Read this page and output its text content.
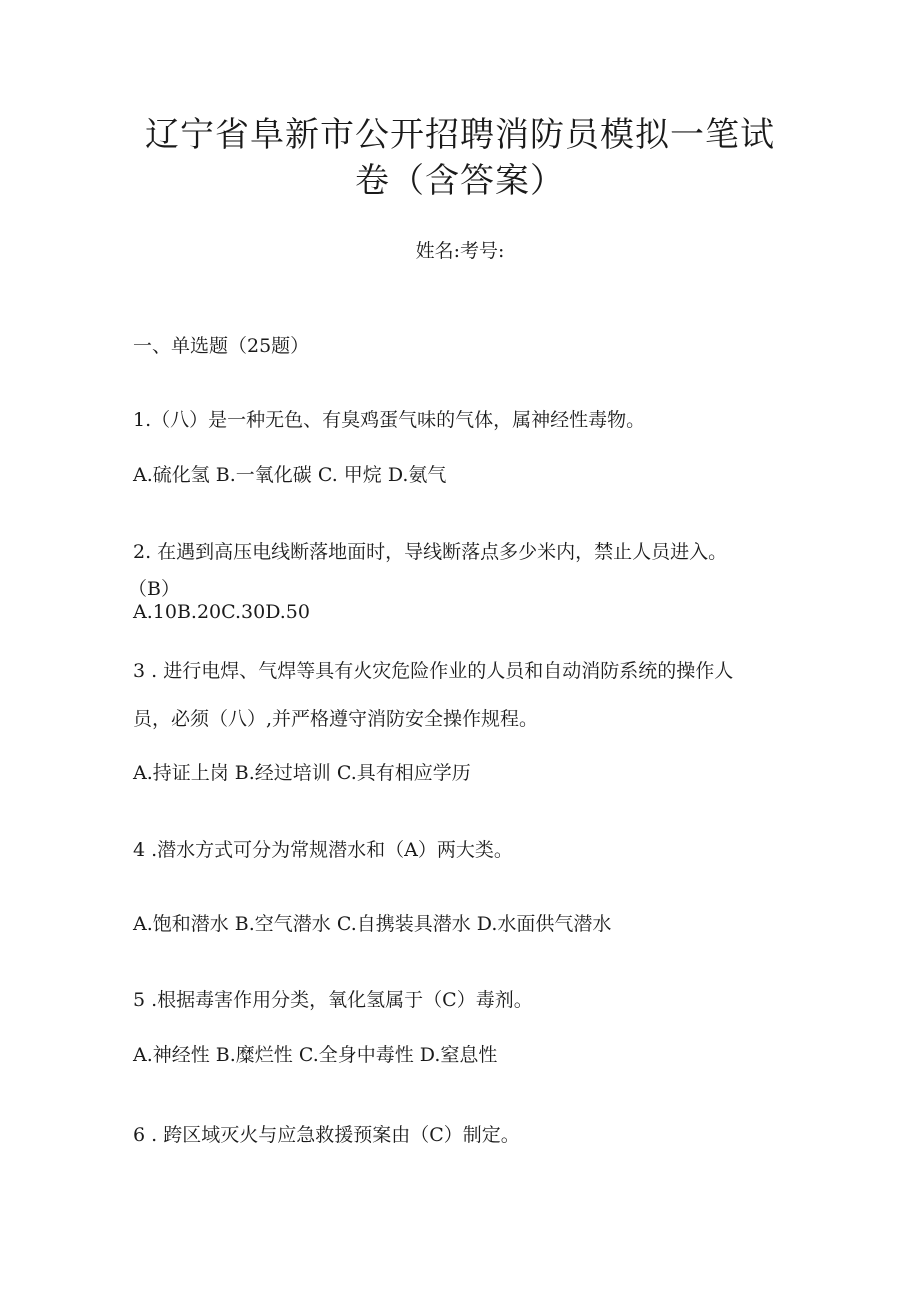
辽宁省阜新市公开招聘消防员模拟一笔试
卷（含答案）
姓名:考号:
一、单选题（25题）
1.（八）是一种无色、有臭鸡蛋气味的气体，属神经性毒物。
A.硫化氢 B.一氧化碳 C. 甲烷 D.氨气
2. 在遇到高压电线断落地面时，导线断落点多少米内，禁止人员进入。
（B）
A.10B.20C.30D.50
3 . 进行电焊、气焊等具有火灾危险作业的人员和自动消防系统的操作人
员，必须（八）,并严格遵守消防安全操作规程。
A.持证上岗 B.经过培训 C.具有相应学历
4 .潜水方式可分为常规潜水和（A）两大类。
A.饱和潜水 B.空气潜水 C.自携装具潜水 D.水面供气潜水
5 .根据毒害作用分类，氧化氢属于（C）毒剂。
A.神经性 B.糜烂性 C.全身中毒性 D.窒息性
6 . 跨区域灭火与应急救援预案由（C）制定。
